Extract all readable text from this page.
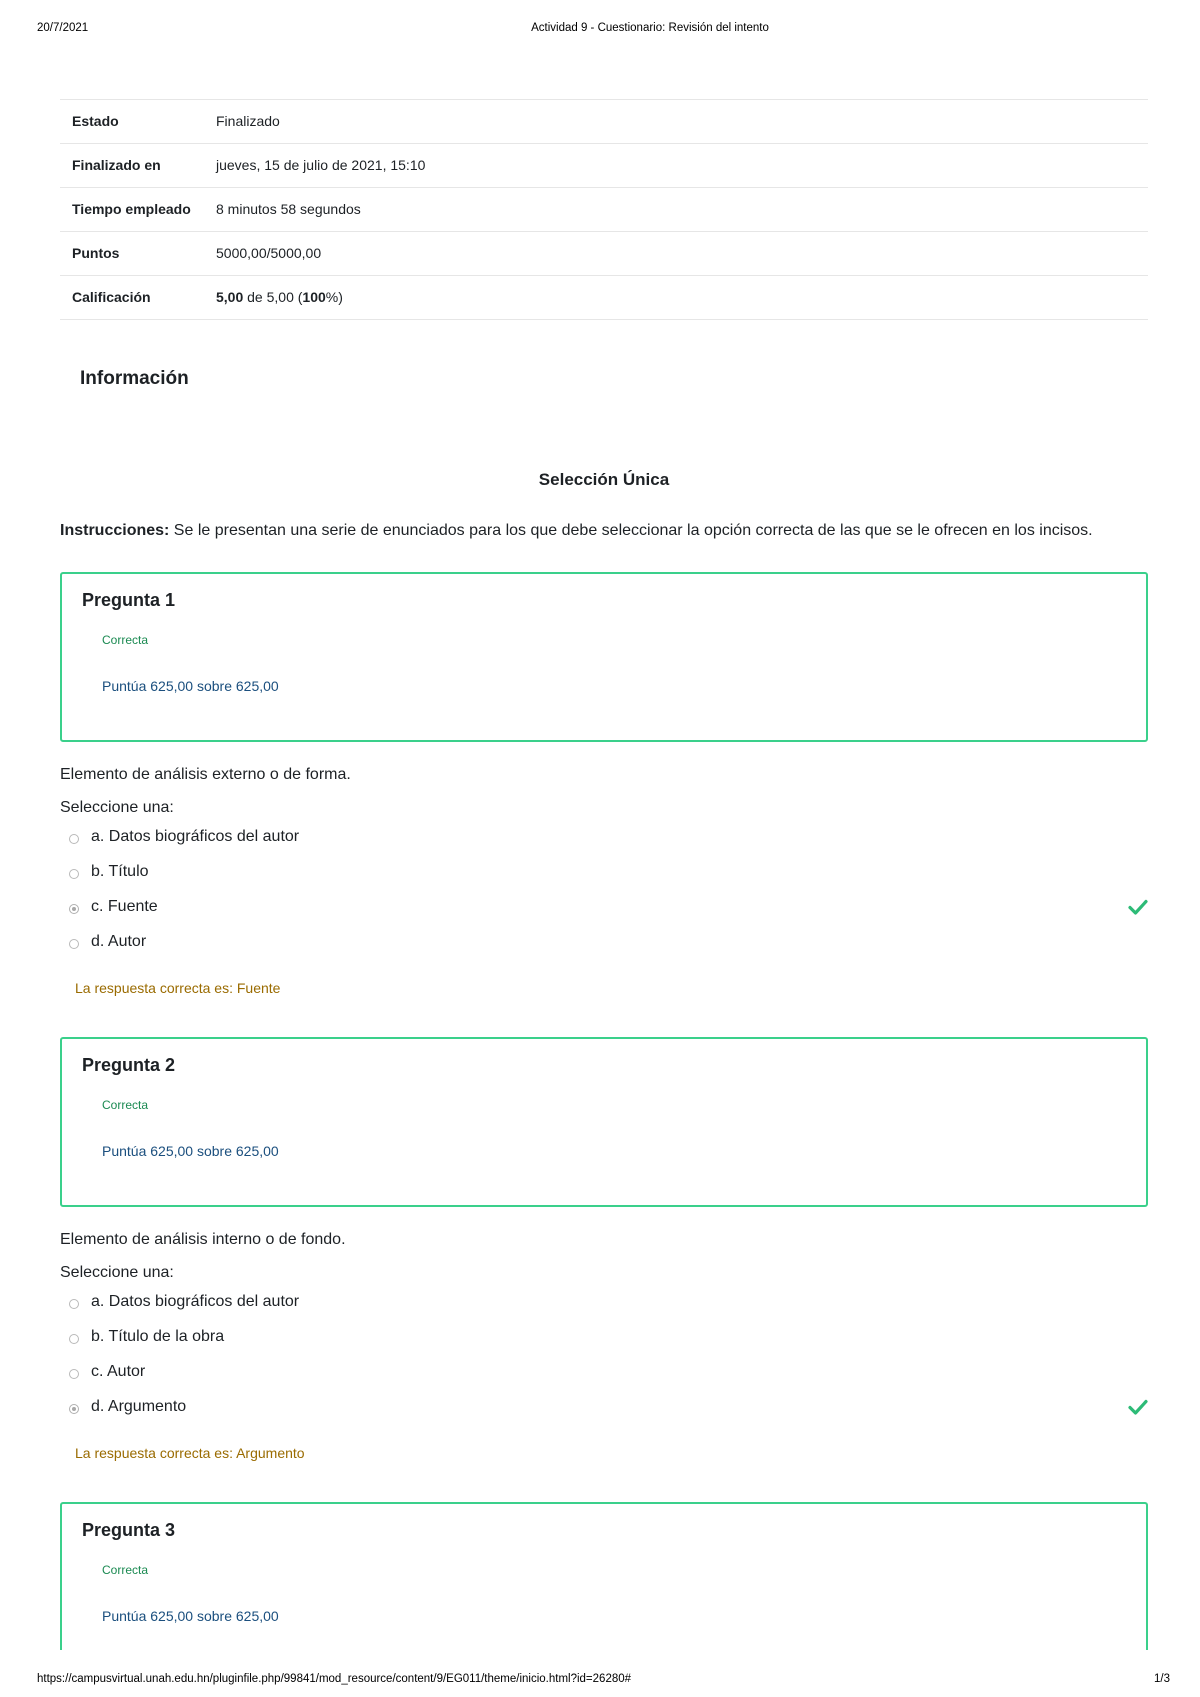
20/7/2021	Actividad 9 - Cuestionario: Revisión del intento
Estado	Finalizado
Finalizado en	jueves, 15 de julio de 2021, 15:10
Tiempo empleado	8 minutos 58 segundos
Puntos	5000,00/5000,00
Calificación	5,00 de 5,00 (100%)
Información
Selección Única
Instrucciones: Se le presentan una serie de enunciados para los que debe seleccionar la opción correcta de las que se le ofrecen en los incisos.
Pregunta 1
Correcta
Puntúa 625,00 sobre 625,00
Elemento de análisis externo o de forma.
Seleccione una:
a. Datos biográficos del autor
b. Título
c. Fuente
d. Autor
La respuesta correcta es: Fuente
Pregunta 2
Correcta
Puntúa 625,00 sobre 625,00
Elemento de análisis interno o de fondo.
Seleccione una:
a. Datos biográficos del autor
b. Título de la obra
c. Autor
d. Argumento
La respuesta correcta es: Argumento
Pregunta 3
Correcta
Puntúa 625,00 sobre 625,00
https://campusvirtual.unah.edu.hn/pluginfile.php/99841/mod_resource/content/9/EG011/theme/inicio.html?id=26280#	1/3
